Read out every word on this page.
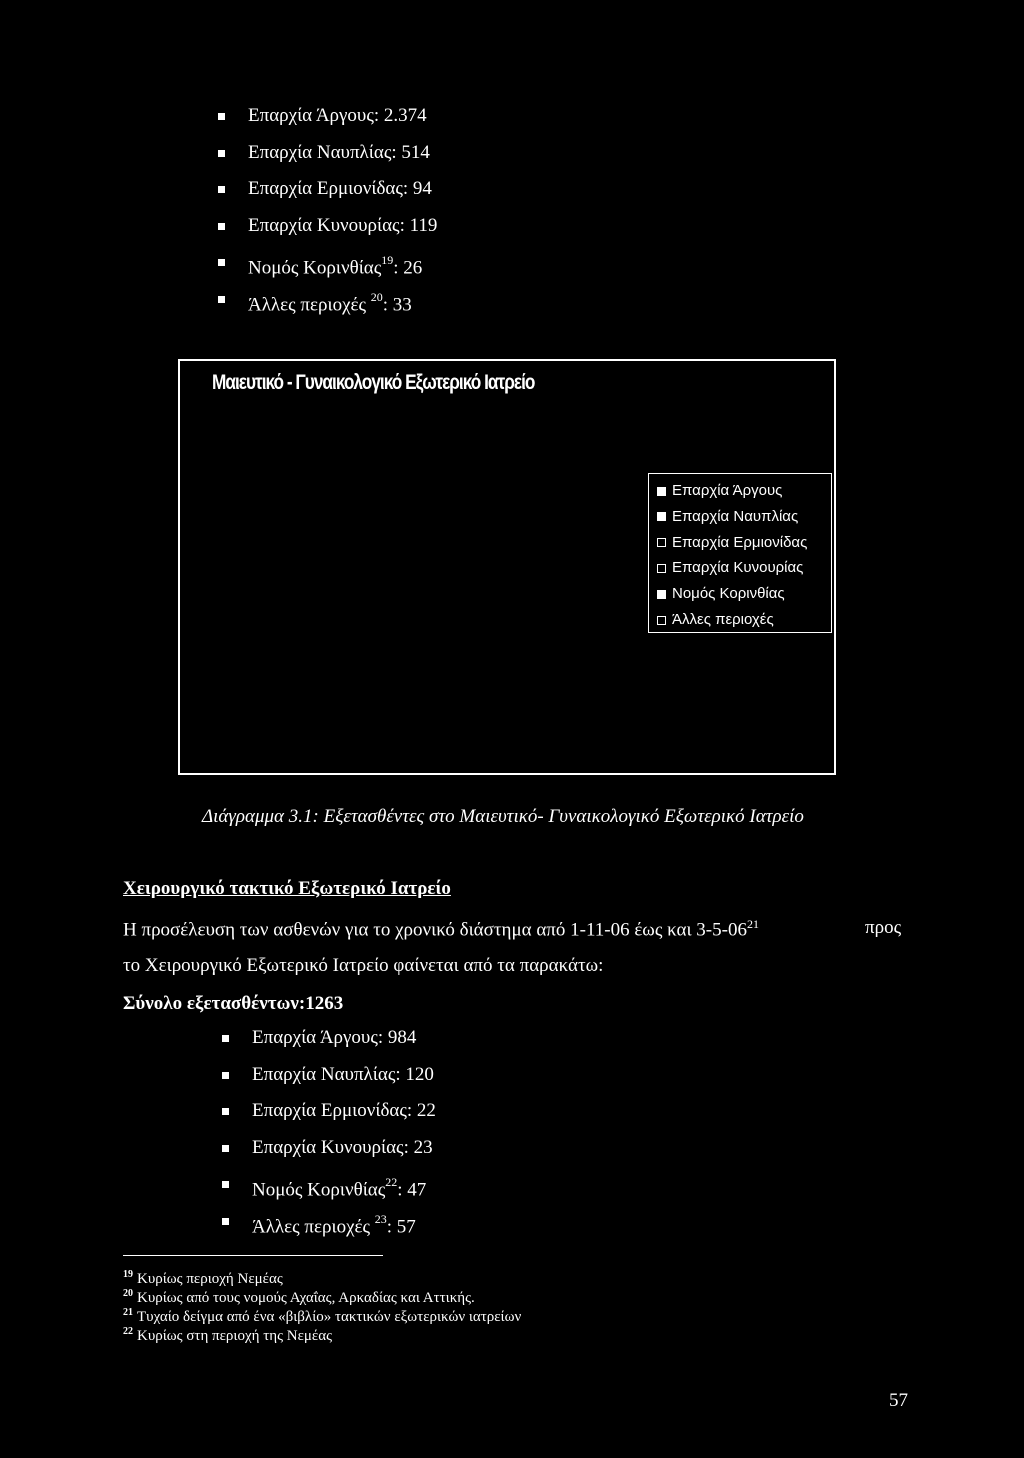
Επαρχία Άργους: 2.374
Επαρχία Ναυπλίας: 514
Επαρχία Ερμιονίδας: 94
Επαρχία Κυνουρίας: 119
Νομός Κορινθίας$^{19}$: 26
Άλλες περιοχές $^{20}$: 33
Μαιευτικό - Γυναικολογικό Εξωτερικό Ιατρείο
Επαρχία Άργους
Επαρχία Ναυπλίας
Επαρχία Ερμιονίδας
Επαρχία Κυνουρίας
Νομός Κορινθίας
Άλλες περιοχές
Διάγραμμα 3.1: Εξετασθέντες στο Μαιευτικό- Γυναικολογικό Εξωτερικό Ιατρείο
Χειρουργικό τακτικό Εξωτερικό Ιατρείο
Η προσέλευση των ασθενών για το χρονικό διάστημα από 1-11-06 έως και $3-5-06^{21}$	προς
το Χειρουργικό Εξωτερικό Ιατρείο φαίνεται από τα παρακάτω:
Σύνολο εξετασθέντων:1263
Επαρχία Άργους: 984
Επαρχία Ναυπλίας: 120
Επαρχία Ερμιονίδας: 22
Επαρχία Κυνουρίας: 23
Νομός Κορινθίας$^{22}$: 47
Άλλες περιοχές $^{23}$: 57
$^{19}$ Κυρίως περιοχή Νεμέας
$^{20}$ Κυρίως από τους νομούς Αχαΐας, Αρκαδίας και Αττικής.
$^{21}$ Τυχαίο δείγμα από ένα «βιβλίο» τακτικών εξωτερικών ιατρείων
$^{22}$ Κυρίως στη περιοχή της Νεμέας
57
